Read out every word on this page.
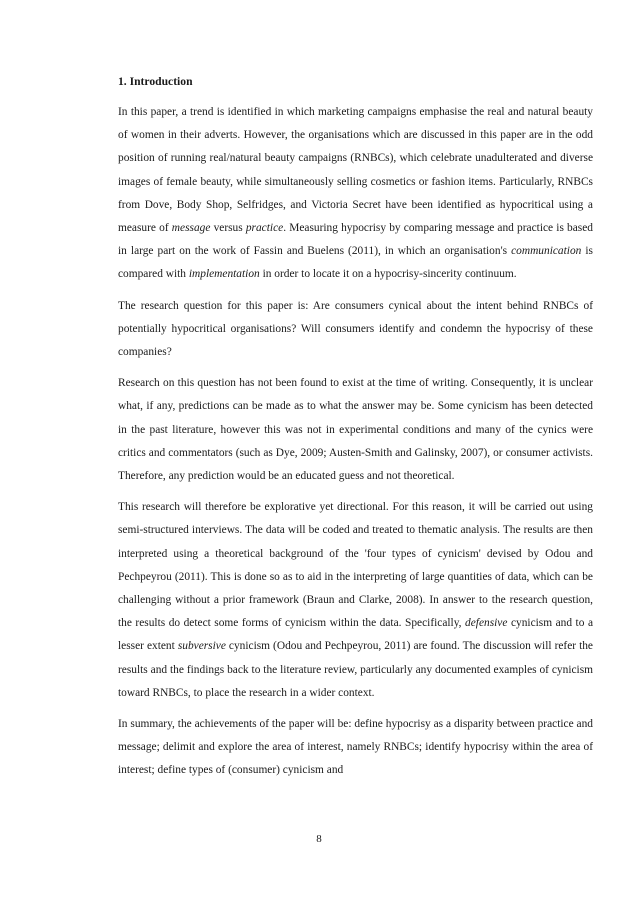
1. Introduction

In this paper, a trend is identified in which marketing campaigns emphasise the real and natural beauty of women in their adverts. However, the organisations which are discussed in this paper are in the odd position of running real/natural beauty campaigns (RNBCs), which celebrate unadulterated and diverse images of female beauty, while simultaneously selling cosmetics or fashion items. Particularly, RNBCs from Dove, Body Shop, Selfridges, and Victoria Secret have been identified as hypocritical using a measure of message versus practice. Measuring hypocrisy by comparing message and practice is based in large part on the work of Fassin and Buelens (2011), in which an organisation's communication is compared with implementation in order to locate it on a hypocrisy-sincerity continuum.

The research question for this paper is: Are consumers cynical about the intent behind RNBCs of potentially hypocritical organisations? Will consumers identify and condemn the hypocrisy of these companies?

Research on this question has not been found to exist at the time of writing. Consequently, it is unclear what, if any, predictions can be made as to what the answer may be. Some cynicism has been detected in the past literature, however this was not in experimental conditions and many of the cynics were critics and commentators (such as Dye, 2009; Austen-Smith and Galinsky, 2007), or consumer activists. Therefore, any prediction would be an educated guess and not theoretical.

This research will therefore be explorative yet directional. For this reason, it will be carried out using semi-structured interviews. The data will be coded and treated to thematic analysis. The results are then interpreted using a theoretical background of the 'four types of cynicism' devised by Odou and Pechpeyrou (2011). This is done so as to aid in the interpreting of large quantities of data, which can be challenging without a prior framework (Braun and Clarke, 2008). In answer to the research question, the results do detect some forms of cynicism within the data. Specifically, defensive cynicism and to a lesser extent subversive cynicism (Odou and Pechpeyrou, 2011) are found. The discussion will refer the results and the findings back to the literature review, particularly any documented examples of cynicism toward RNBCs, to place the research in a wider context.

In summary, the achievements of the paper will be: define hypocrisy as a disparity between practice and message; delimit and explore the area of interest, namely RNBCs; identify hypocrisy within the area of interest; define types of (consumer) cynicism and

8
